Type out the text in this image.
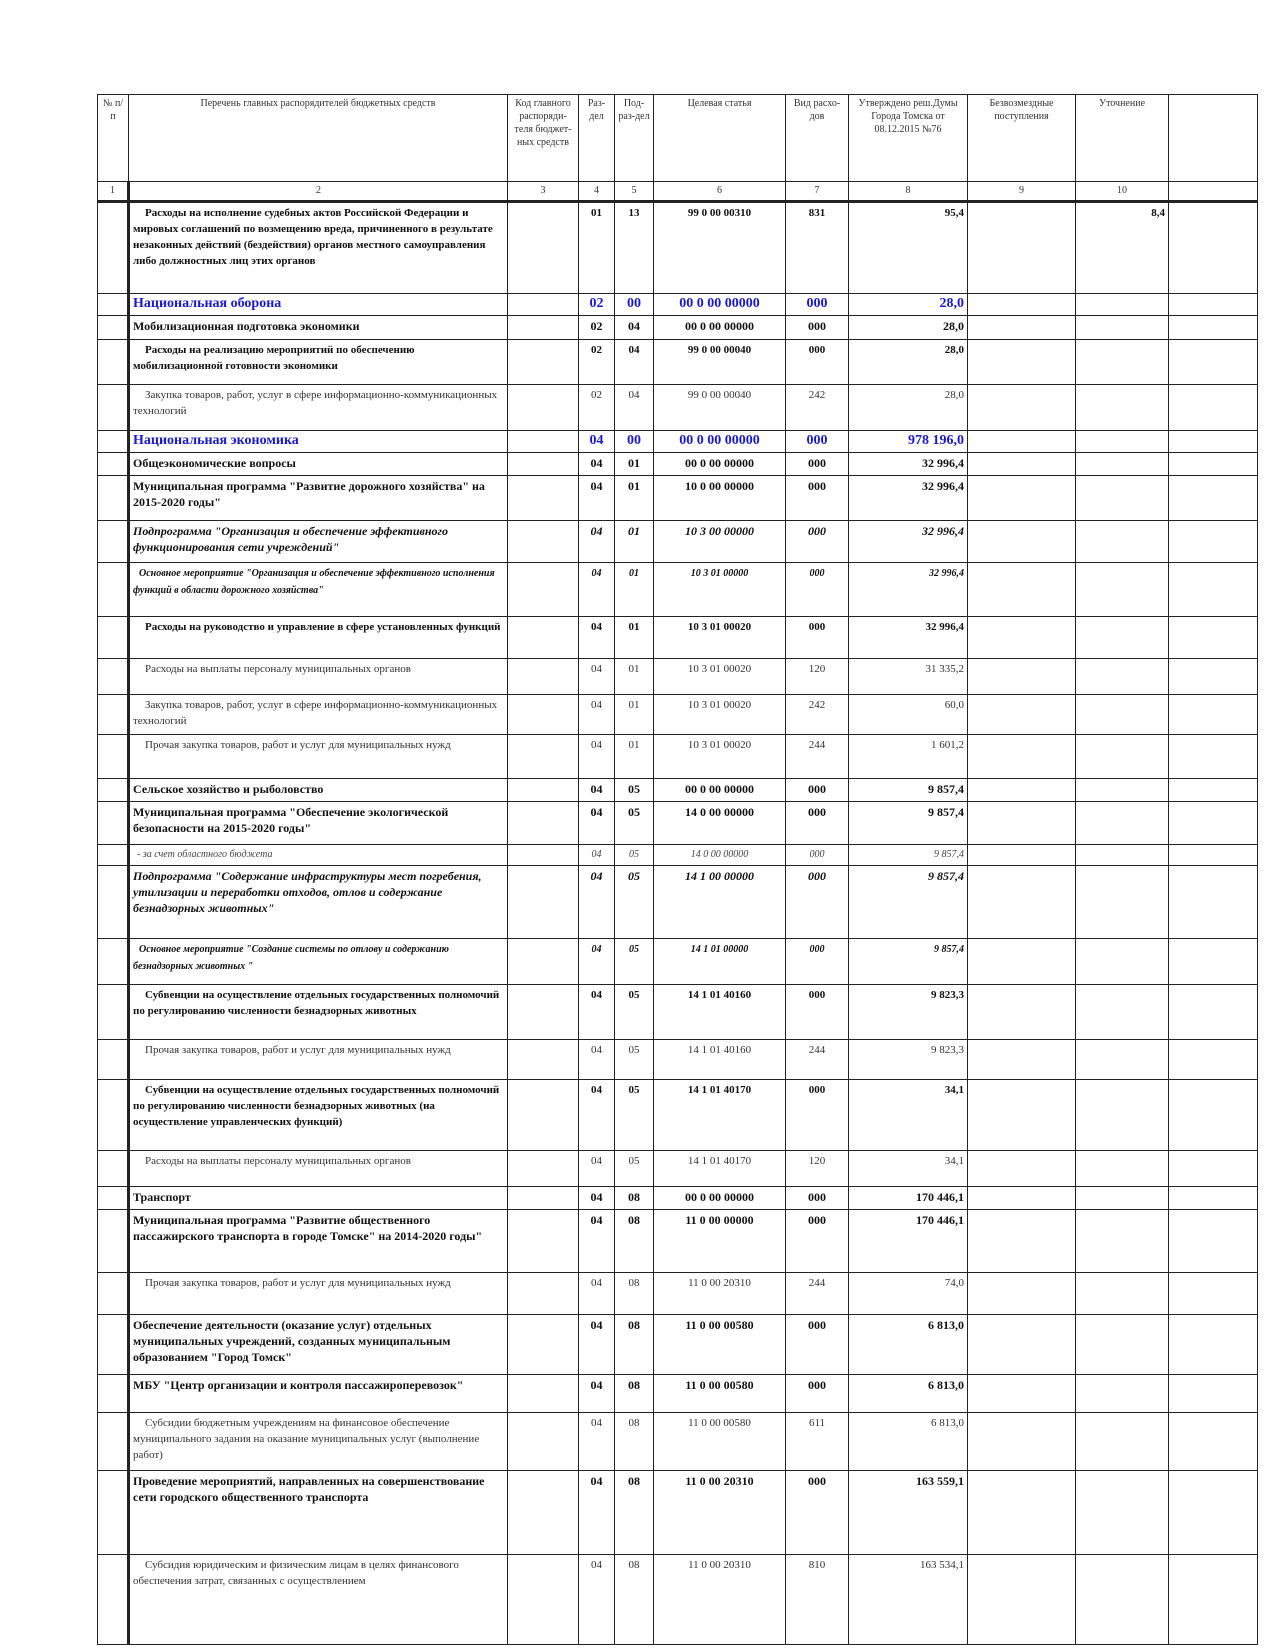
№ п/п	Перечень главных распорядителей бюджетных средств	Код главного распоряди-теля бюджет-ных средств	Раз-дел	Под-раз-дел	Целевая статья	Вид расхо-дов	Утверждено реш.Думы Города Томска от 08.12.2015 №76	Безвозмездные поступления	Уточнение	
1	2	3	4	5	6	7	8	9	10	
	Расходы на исполнение судебных актов Российской Федерации и мировых соглашений по возмещению вреда, причиненного в результате незаконных действий (бездействия) органов местного самоуправления либо должностных лиц этих органов		01	13	99 0 00 00310	831	95,4		8,4	
	Национальная оборона		02	00	00 0 00 00000	000	28,0			
	Мобилизационная подготовка экономики		02	04	00 0 00 00000	000	28,0			
	Расходы на реализацию мероприятий по обеспечению мобилизационной готовности экономики		02	04	99 0 00 00040	000	28,0			
	Закупка товаров, работ, услуг в сфере информационно-коммуникационных технологий		02	04	99 0 00 00040	242	28,0			
	Национальная экономика		04	00	00 0 00 00000	000	978 196,0			
	Общеэкономические вопросы		04	01	00 0 00 00000	000	32 996,4			
	Муниципальная программа "Развитие дорожного хозяйства" на 2015-2020 годы"		04	01	10 0 00 00000	000	32 996,4			
	Подпрограмма "Организация и обеспечение эффективного функционирования сети учреждений"		04	01	10 3 00 00000	000	32 996,4			
	Основное мероприятие "Организация и обеспечение эффективного исполнения функций в области дорожного хозяйства"		04	01	10 3 01 00000	000	32 996,4			
	Расходы на руководство и управление в сфере установленных функций		04	01	10 3 01 00020	000	32 996,4			
	Расходы на выплаты персоналу муниципальных органов		04	01	10 3 01 00020	120	31 335,2			
	Закупка товаров, работ, услуг в сфере информационно-коммуникационных технологий		04	01	10 3 01 00020	242	60,0			
	Прочая закупка товаров, работ и услуг для муниципальных нужд		04	01	10 3 01 00020	244	1 601,2			
	Сельское хозяйство и рыболовство		04	05	00 0 00 00000	000	9 857,4			
	Муниципальная программа "Обеспечение экологической безопасности на 2015-2020 годы"		04	05	14 0 00 00000	000	9 857,4			
	- за счет областного бюджета		04	05	14 0 00 00000	000	9 857,4			
	Подпрограмма "Содержание инфраструктуры мест погребения, утилизации и переработки отходов, отлов и содержание безнадзорных животных"		04	05	14 1 00 00000	000	9 857,4			
	Основное мероприятие "Создание системы по отлову и содержанию безнадзорных животных "		04	05	14 1 01 00000	000	9 857,4			
	Субвенции на осуществление отдельных государственных полномочий по регулированию численности безнадзорных животных		04	05	14 1 01 40160	000	9 823,3			
	Прочая закупка товаров, работ и услуг для муниципальных нужд		04	05	14 1 01 40160	244	9 823,3			
	Субвенции на осуществление отдельных государственных полномочий по регулированию численности безнадзорных животных (на осуществление управленческих функций)		04	05	14 1 01 40170	000	34,1			
	Расходы на выплаты персоналу муниципальных органов		04	05	14 1 01 40170	120	34,1			
	Транспорт		04	08	00 0 00 00000	000	170 446,1			
	Муниципальная программа "Развитие общественного пассажирского транспорта в городе Томске" на 2014-2020 годы"		04	08	11 0 00 00000	000	170 446,1			
	Прочая закупка товаров, работ и услуг для муниципальных нужд		04	08	11 0 00 20310	244	74,0			
	Обеспечение деятельности (оказание услуг) отдельных муниципальных учреждений, созданных муниципальным образованием "Город Томск"		04	08	11 0 00 00580	000	6 813,0			
	МБУ "Центр организации и контроля пассажироперевозок"		04	08	11 0 00 00580	000	6 813,0			
	Субсидии бюджетным учреждениям на финансовое обеспечение муниципального задания на оказание муниципальных услуг (выполнение работ)		04	08	11 0 00 00580	611	6 813,0			
	Проведение мероприятий, направленных на совершенствование сети городского общественного транспорта		04	08	11 0 00 20310	000	163 559,1			
	Субсидия юридическим и физическим лицам в целях финансового обеспечения затрат, связанных с осуществлением		04	08	11 0 00 20310	810	163 534,1			
